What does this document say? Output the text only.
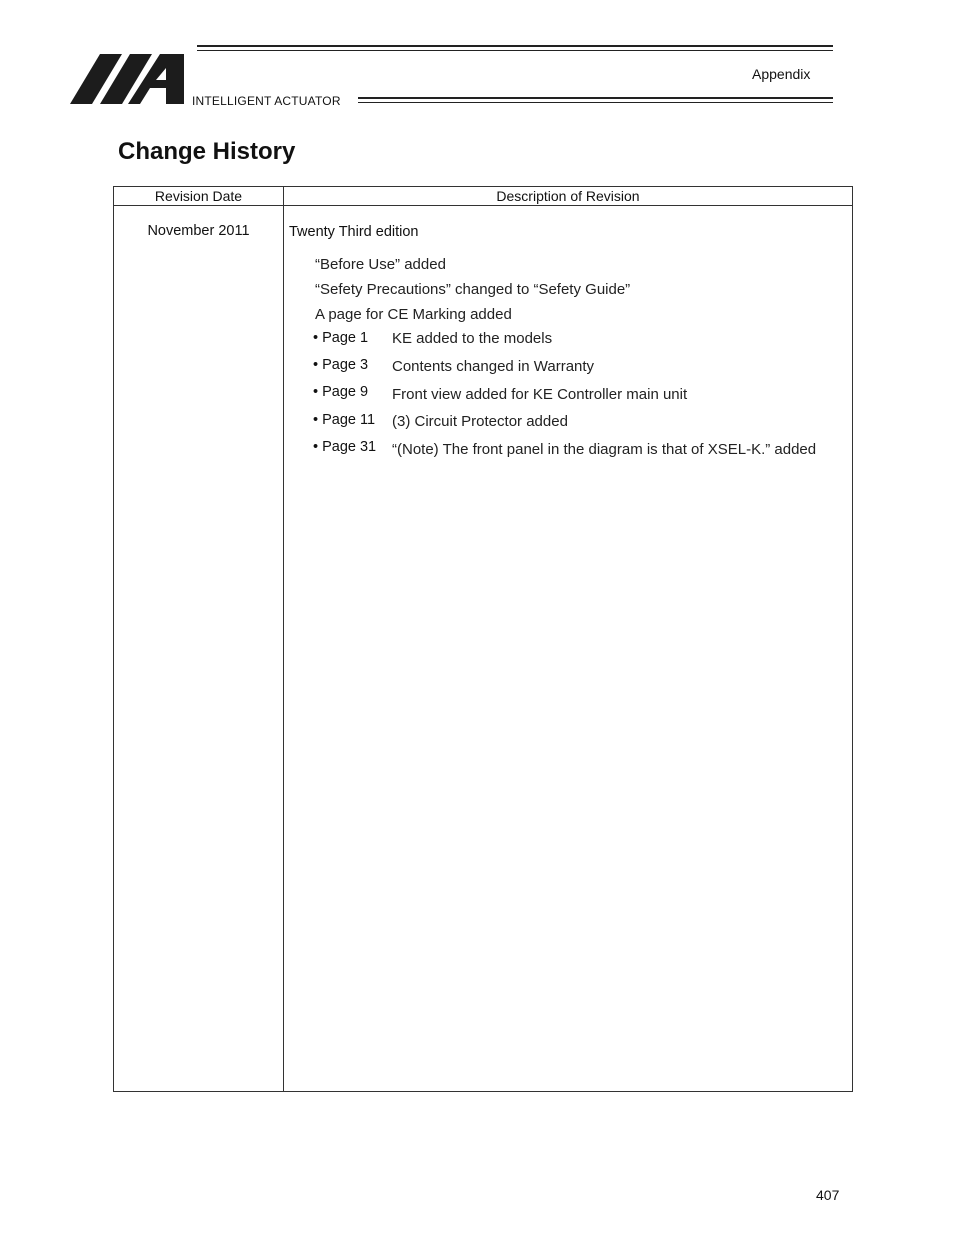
INTELLIGENT ACTUATOR
Appendix
Change History
Revision Date	Description of Revision
November 2011	Twenty Third edition
“Before Use” added
“Sefety Precautions” changed to “Sefety Guide”
A page for CE Marking added
• Page 1 KE added to the models
• Page 3 Contents changed in Warranty
• Page 9 Front view added for KE Controller main unit
• Page 11 (3) Circuit Protector added
• Page 31 “(Note) The front panel in the diagram is that of XSEL-K.” added
407
